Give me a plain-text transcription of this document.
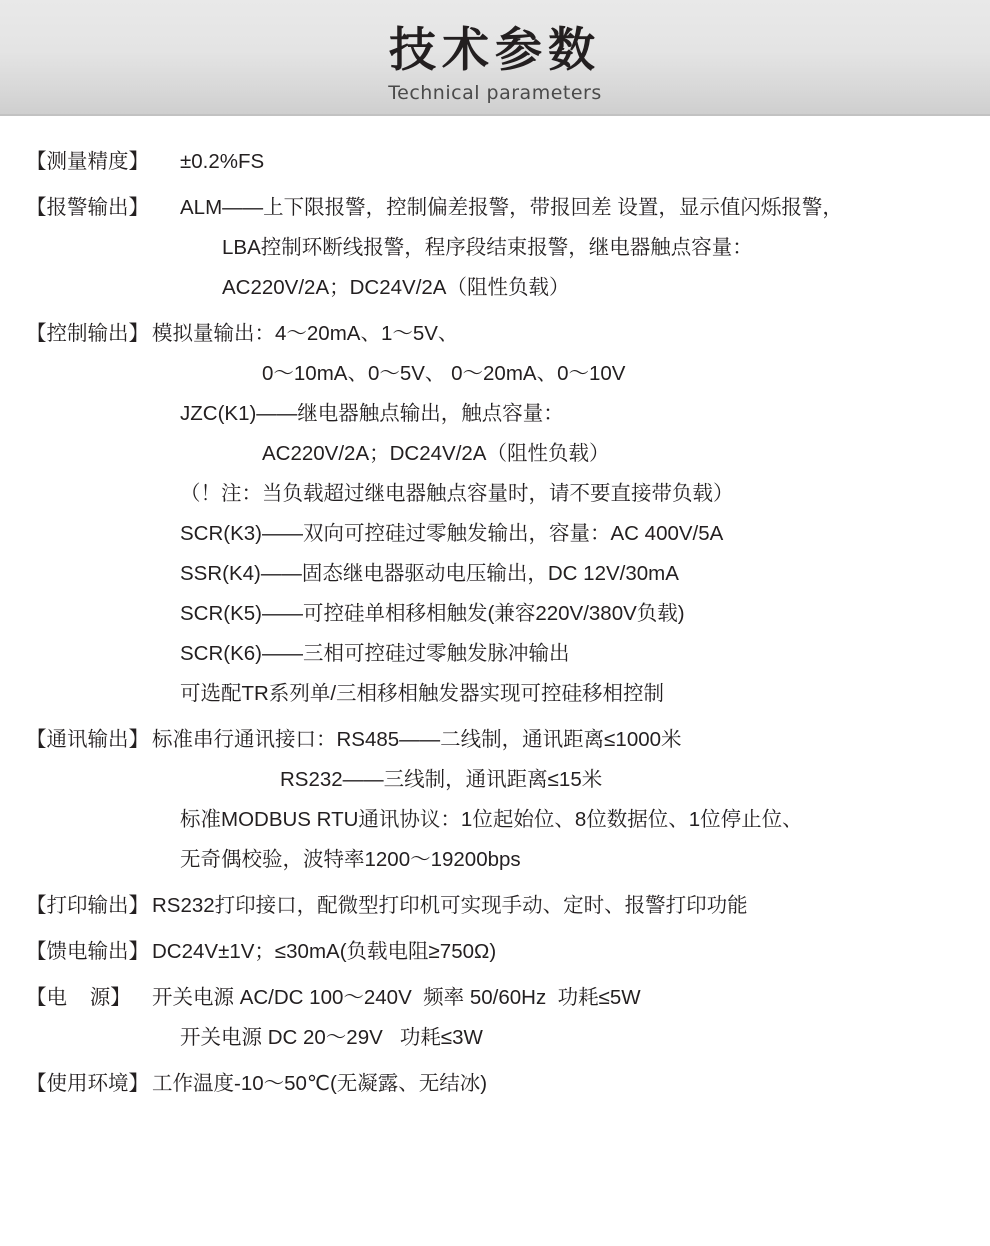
技术参数
Technical parameters
【测量精度】	±0.2%FS
【报警输出】	ALM——上下限报警，控制偏差报警，带报回差 设置，显示值闪烁报警，
LBA控制环断线报警，程序段结束报警，继电器触点容量：
AC220V/2A；DC24V/2A（阻性负载）
【控制输出】 模拟量输出：4～20mA、1～5V、
0～10mA、0～5V、 0～20mA、0～10V
JZC(K1)——继电器触点输出，触点容量：
AC220V/2A；DC24V/2A（阻性负载）
（！注：当负载超过继电器触点容量时，请不要直接带负载）
SCR(K3)——双向可控硅过零触发输出，容量：AC 400V/5A
SSR(K4)——固态继电器驱动电压输出，DC 12V/30mA
SCR(K5)——可控硅单相移相触发(兼容220V/380V负载)
SCR(K6)——三相可控硅过零触发脉冲输出
可选配TR系列单/三相移相触发器实现可控硅移相控制
【通讯输出】 标准串行通讯接口：RS485——二线制，通讯距离≤1000米
RS232——三线制，通讯距离≤15米
标准MODBUS RTU通讯协议：1位起始位、8位数据位、1位停止位、
无奇偶校验，波特率1200～19200bps
【打印输出】 RS232打印接口，配微型打印机可实现手动、定时、报警打印功能
【馈电输出】 DC24V±1V；≤30mA(负载电阻≥750Ω)
【电    源】	开关电源 AC/DC 100～240V  频率 50/60Hz  功耗≤5W
开关电源 DC 20～29V   功耗≤3W
【使用环境】 工作温度-10～50℃(无凝露、无结冰)
